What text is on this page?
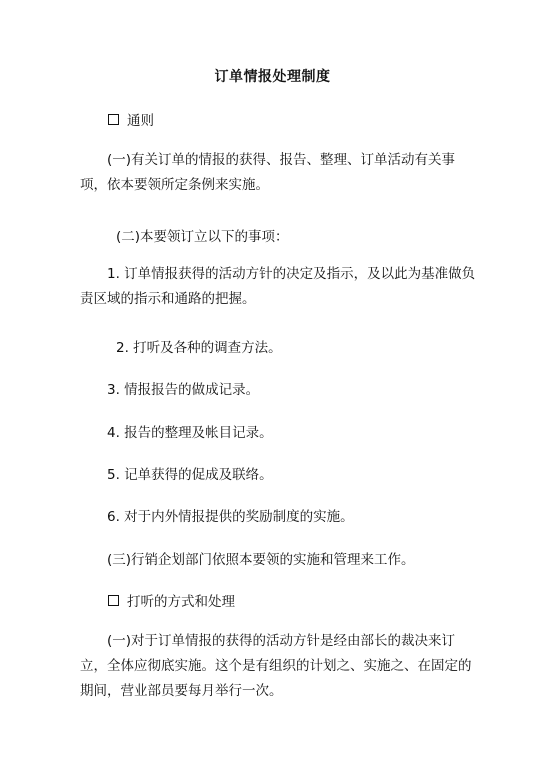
订单情报处理制度
通则
(一)有关订单的情报的获得、报告、整理、订单活动有关事项，依本要领所定条例来实施。
(二)本要领订立以下的事项：
1. 订单情报获得的活动方针的决定及指示，及以此为基准做负责区域的指示和通路的把握。
2. 打听及各种的调查方法。
3. 情报报告的做成记录。
4. 报告的整理及帐目记录。
5. 记单获得的促成及联络。
6. 对于内外情报提供的奖励制度的实施。
(三)行销企划部门依照本要领的实施和管理来工作。
打听的方式和处理
(一)对于订单情报的获得的活动方针是经由部长的裁决来订立，全体应彻底实施。这个是有组织的计划之、实施之、在固定的期间，营业部员要每月举行一次。
